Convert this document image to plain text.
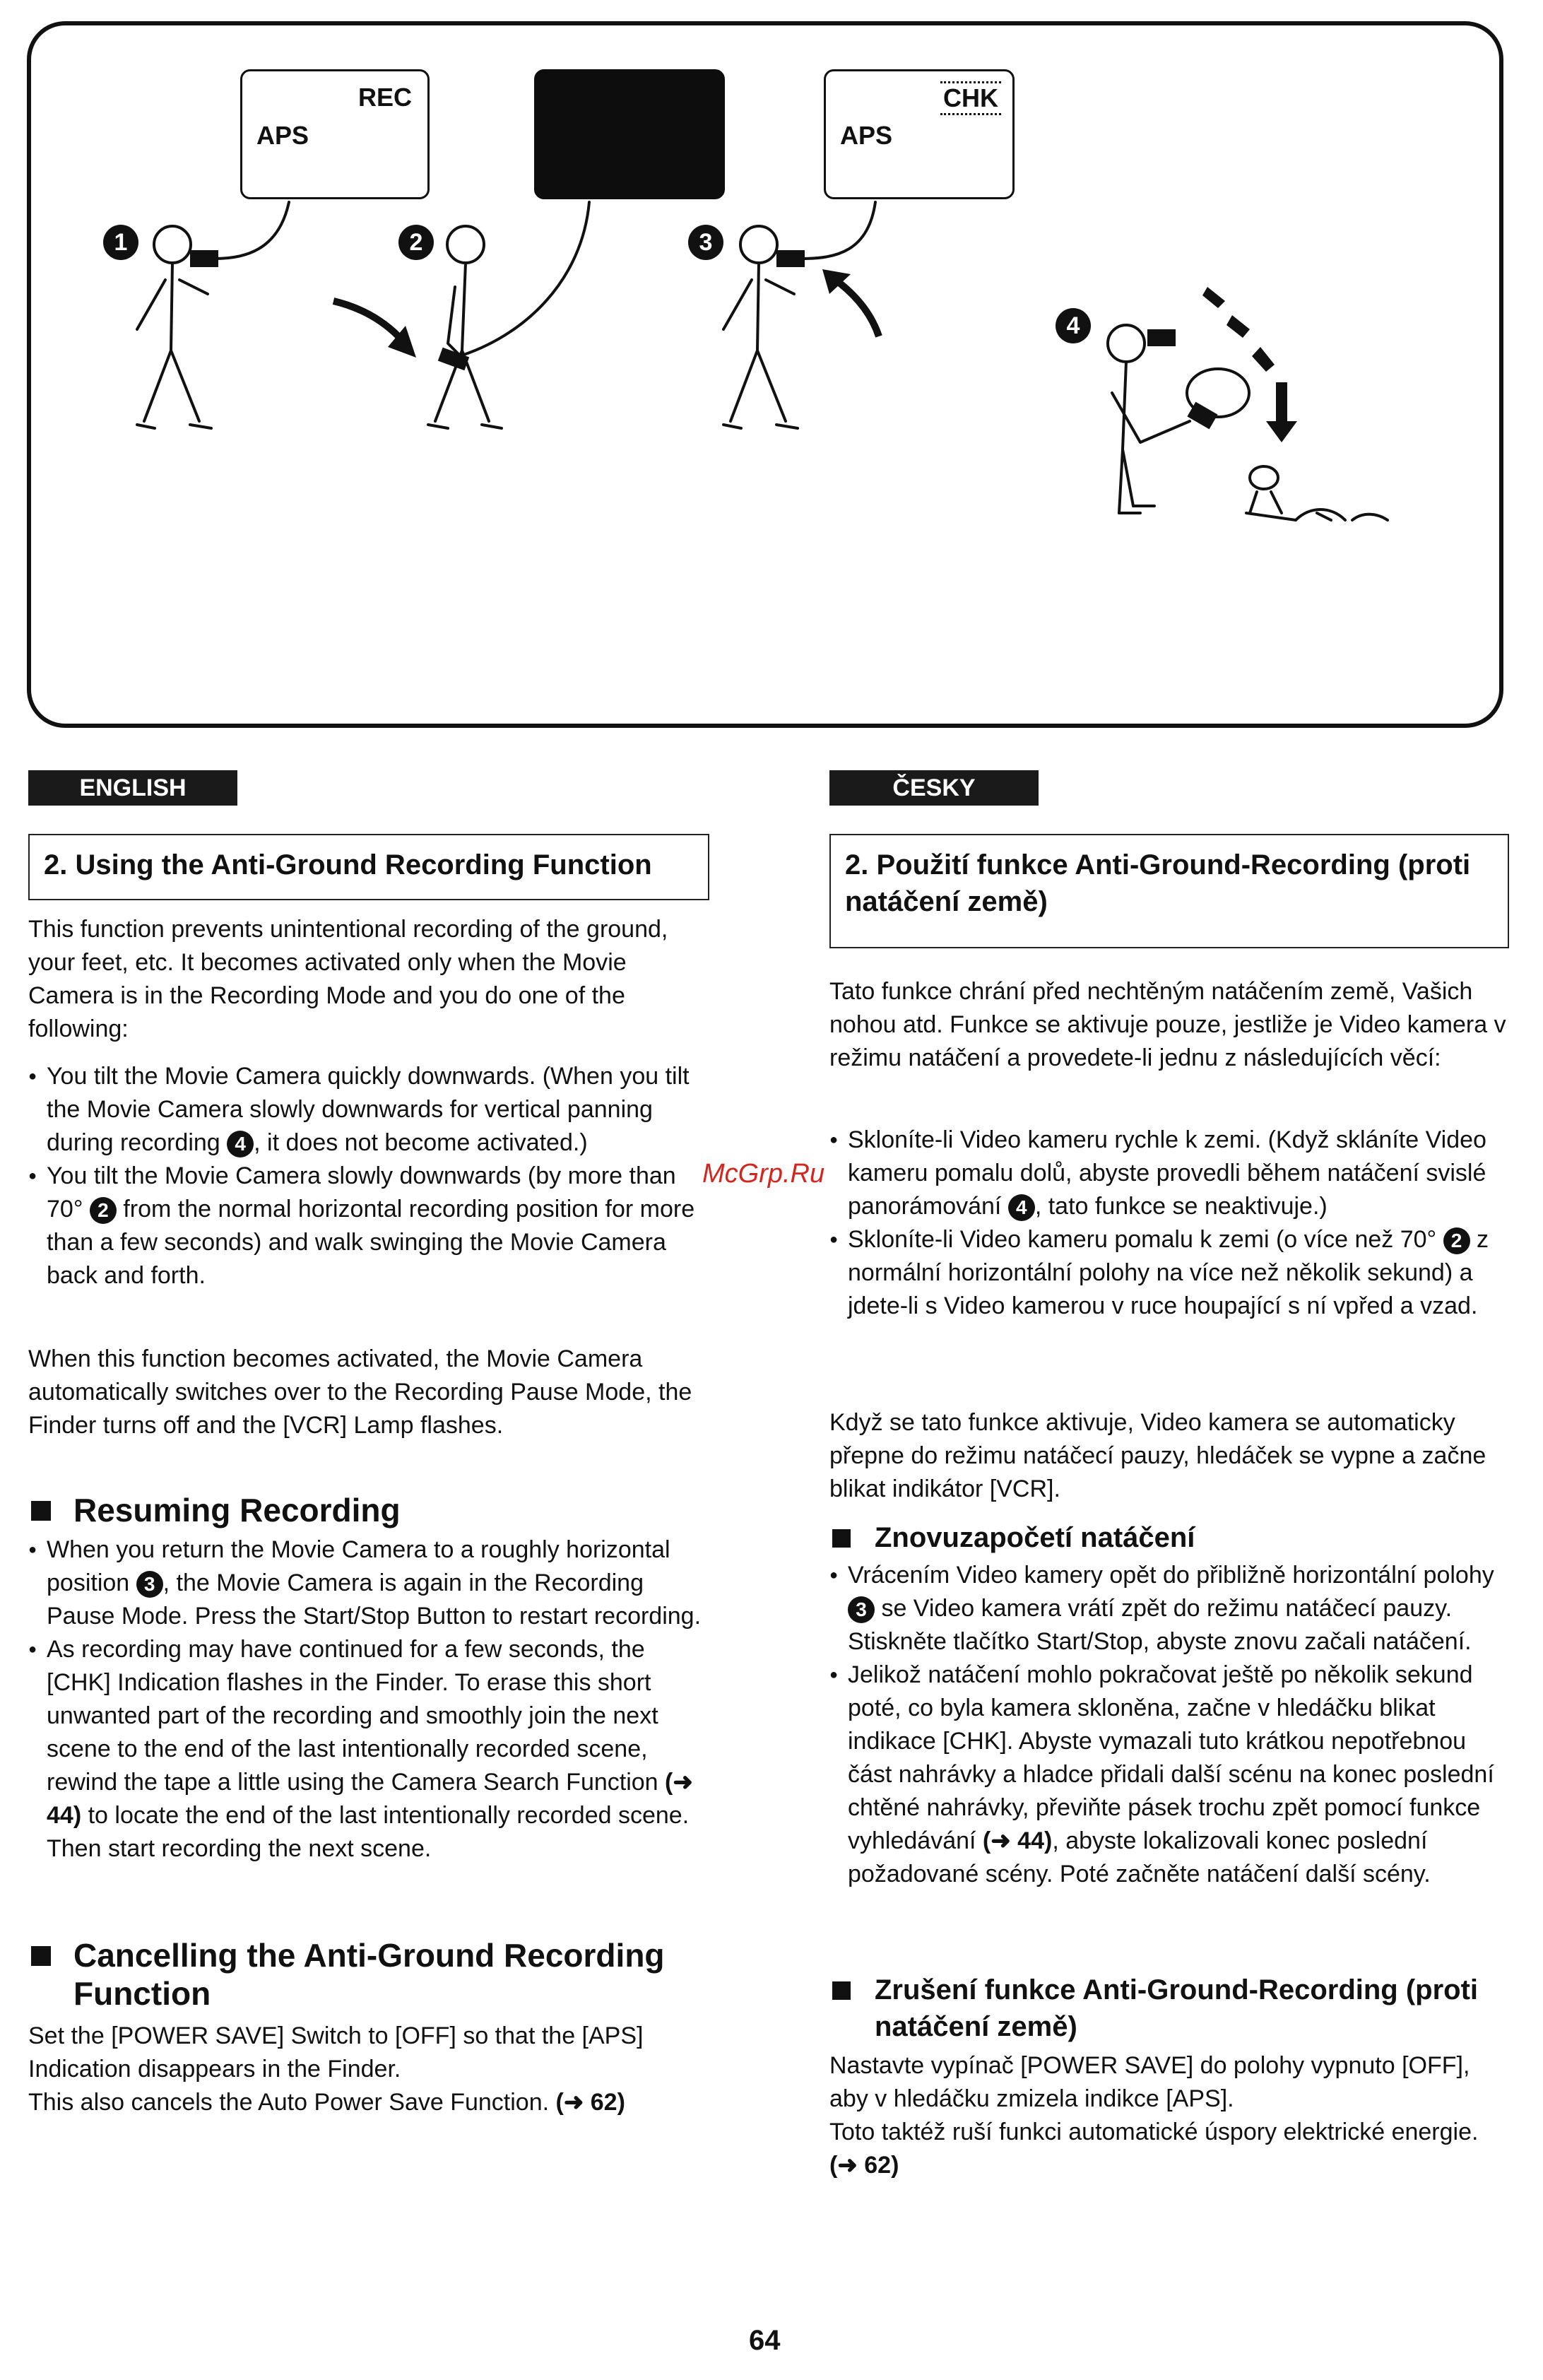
REC
APS
CHK
APS
1	2	3
4
ENGLISH
2. Using the Anti-Ground Recording Function

This function prevents unintentional recording of the ground, your feet, etc. It becomes activated only when the Movie Camera is in the Recording Mode and you do one of the following:

● You tilt the Movie Camera quickly downwards. (When you tilt the Movie Camera slowly downwards for vertical panning during recording 4 , it does not become activated.)
● You tilt the Movie Camera slowly downwards (by more than 70° 2 from the normal horizontal recording position for more than a few seconds) and walk swinging the Movie Camera back and forth.

When this function becomes activated, the Movie Camera automatically switches over to the Recording Pause Mode, the Finder turns off and the [VCR] Lamp flashes.

Resuming Recording
● When you return the Movie Camera to a roughly horizontal position 3 , the Movie Camera is again in the Recording Pause Mode. Press the Start/Stop Button to restart recording.
● As recording may have continued for a few seconds, the [CHK] Indication flashes in the Finder. To erase this short unwanted part of the recording and smoothly join the next scene to the end of the last intentionally recorded scene, rewind the tape a little using the Camera Search Function (➜ 44) to locate the end of the last intentionally recorded scene. Then start recording the next scene.
Cancelling the Anti-Ground Recording Function

Set the [POWER SAVE] Switch to [OFF] so that the [APS] Indication disappears in the Finder.

This also cancels the Auto Power Save Function. (➜ 62)

McGrp.Ru
ČESKY
2. Použití funkce Anti-Ground-Recording (proti natáčení země)

Tato funkce chrání před nechtěným natáčením země, Vašich nohou atd. Funkce se aktivuje pouze, jestliže je Video kamera v režimu natáčení a provedete-li jednu z následujících věcí:

● Skloníte-li Video kameru rychle k zemi. (Když skláníte Video kameru pomalu dolů, abyste provedli během natáčení svislé panorámování 4 , tato funkce se neaktivuje.)
● Skloníte-li Video kameru pomalu k zemi (o více než 70° 2 z normální horizontální polohy na více než několik sekund) a jdete-li s Video kamerou v ruce houpající s ní vpřed a vzad.

Když se tato funkce aktivuje, Video kamera se automaticky přepne do režimu natáčecí pauzy, hledáček se vypne a začne blikat indikátor [VCR].

Znovuzapočetí natáčení
● Vrácením Video kamery opět do přibližně horizontální polohy 3 se Video kamera vrátí zpět do režimu natáčecí pauzy. Stiskněte tlačítko Start/Stop, abyste znovu začali natáčení.
● Jelikož natáčení mohlo pokračovat ještě po několik sekund poté, co byla kamera skloněna, začne v hledáčku blikat indikace [CHK]. Abyste vymazali tuto krátkou nepotřebnou část nahrávky a hladce přidali další scénu na konec poslední chtěné nahrávky, převiňte pásek trochu zpět pomocí funkce vyhledávání (➜ 44), abyste lokalizovali konec poslední požadované scény. Poté začněte natáčení další scény.
Zrušení funkce Anti-Ground-Recording (proti natáčení země)

Nastavte vypínač [POWER SAVE] do polohy vypnuto [OFF], aby v hledáčku zmizela indikce [APS].

Toto taktéž ruší funkci automatické úspory elektrické energie. (➜ 62)

64
